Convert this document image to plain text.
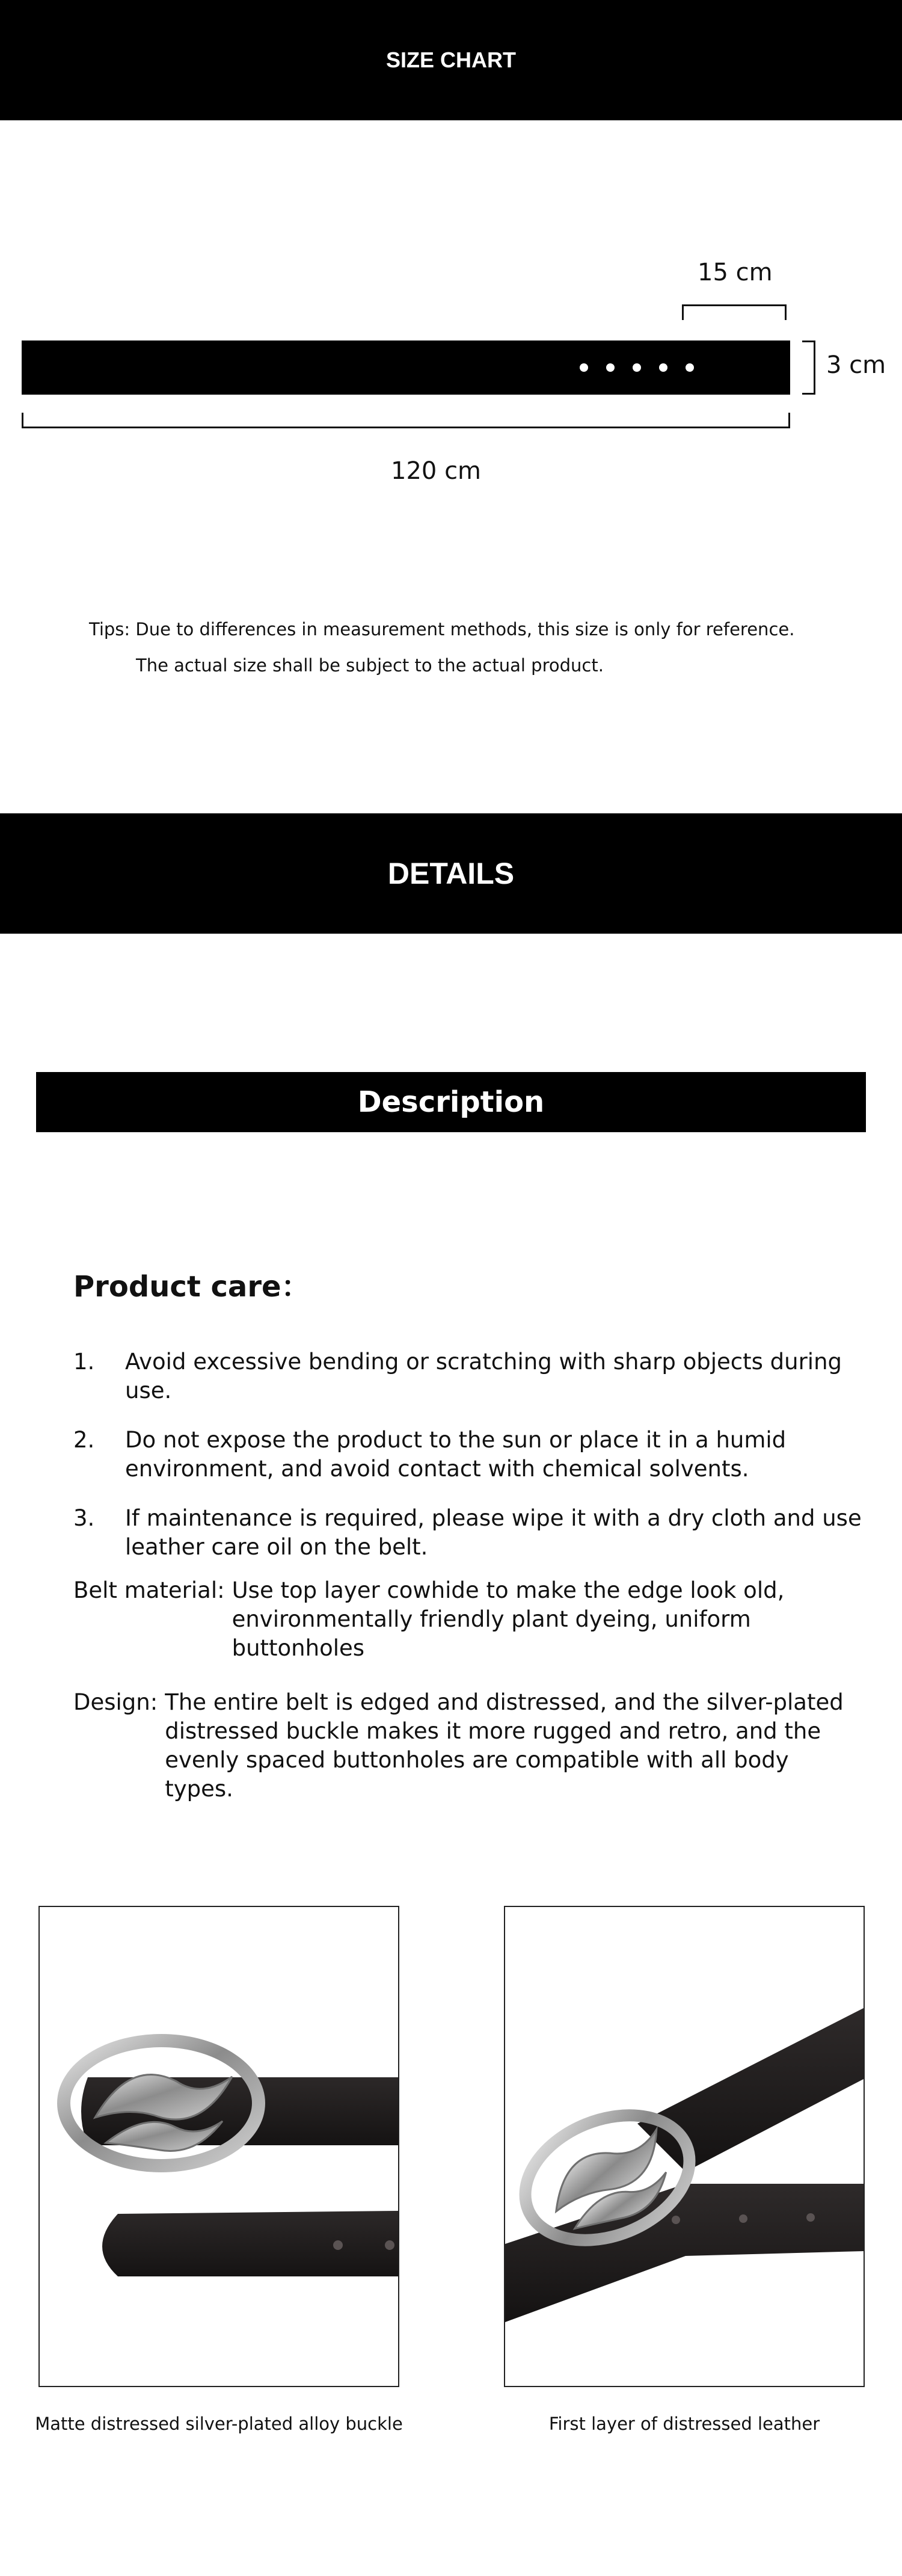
SIZE CHART
15 cm
3 cm
120 cm
Tips: Due to differences in measurement methods, this size is only for reference.
The actual size shall be subject to the actual product.
DETAILS
Description
Product care：
1.	Avoid excessive bending or scratching with sharp objects during use.
2.	Do not expose the product to the sun or place it in a humid environment, and avoid contact with chemical solvents.
3.	If maintenance is required, please wipe it with a dry cloth and use leather care oil on the belt.
Belt material: Use top layer cowhide to make the edge look old, environmentally friendly plant dyeing, uniform buttonholes
Design: The entire belt is edged and distressed, and the silver-plated distressed buckle makes it more rugged and retro, and the evenly spaced buttonholes are compatible with all body types.
Matte distressed silver-plated alloy buckle	First layer of distressed leather
